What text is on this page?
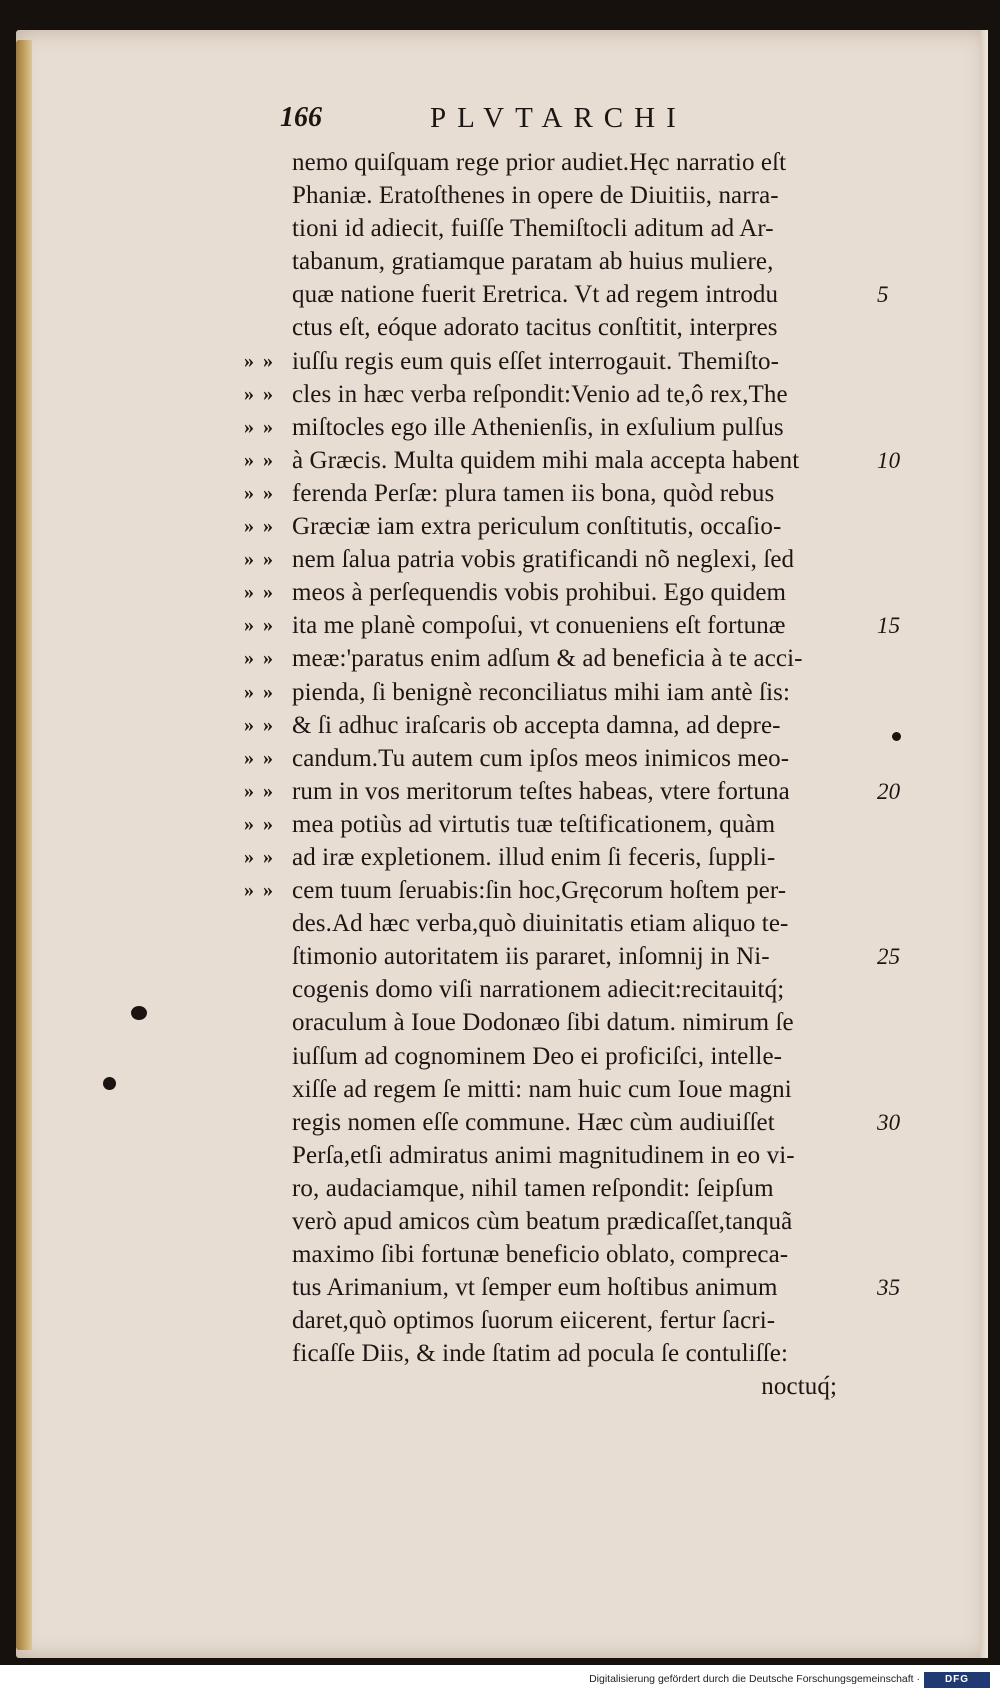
166	PLVTARCHI
nemo quiſquam rege prior audiet.Hęc narratio eſt
Phaniæ. Eratoſthenes in opere de Diuitiis, narra-
tioni id adiecit, fuiſſe Themiſtocli aditum ad Ar-
tabanum, gratiamque paratam ab huius muliere,
quæ natione fuerit Eretrica. Vt ad regem introdu	5
ctus eſt, eóque adorato tacitus conſtitit, interpres
» » iuſſu regis eum quis eſſet interrogauit. Themiſto-
» » cles in hæc verba reſpondit:Venio ad te,ô rex,The
» » miſtocles ego ille Athenienſis, in exſulium pulſus
» » à Græcis. Multa quidem mihi mala accepta habent	10
» » ferenda Perſæ: plura tamen iis bona, quòd rebus
» » Græciæ iam extra periculum conſtitutis, occaſio-
» » nem ſalua patria vobis gratificandi nõ neglexi, ſed
» » meos à perſequendis vobis prohibui. Ego quidem
» » ita me planè compoſui, vt conueniens eſt fortunæ	15
» » meæ:'paratus enim adſum & ad beneficia à te acci-
» » pienda, ſi benignè reconciliatus mihi iam antè ſis:
» » & ſi adhuc iraſcaris ob accepta damna, ad depre-
» » candum.Tu autem cum ipſos meos inimicos meo-
» » rum in vos meritorum teſtes habeas, vtere fortuna	20
» » mea potiùs ad virtutis tuæ teſtificationem, quàm
» » ad iræ expletionem. illud enim ſi feceris, ſuppli-
» » cem tuum ſeruabis:ſin hoc,Gręcorum hoſtem per-
des.Ad hæc verba,quò diuinitatis etiam aliquo te-
ſtimonio autoritatem iis pararet, inſomnij in Ni-	25
cogenis domo viſi narrationem adiecit:recitauitq́;
oraculum à Ioue Dodonæo ſibi datum. nimirum ſe
iuſſum ad cognominem Deo ei proficiſci, intelle-
xiſſe ad regem ſe mitti: nam huic cum Ioue magni
regis nomen eſſe commune. Hæc cùm audiuiſſet	30
Perſa,etſi admiratus animi magnitudinem in eo vi-
ro, audaciamque, nihil tamen reſpondit: ſeipſum
verò apud amicos cùm beatum prædicaſſet,tanquã
maximo ſibi fortunæ beneficio oblato, comprecа-
tus Arimanium, vt ſemper eum hoſtibus animum	35
daret,quò optimos ſuorum eiicerent, fertur ſacri-
ficaſſe Diis, & inde ſtatim ad pocula ſe contuliſſe:
noctuq́;
Digitalisierung gefördert durch die Deutsche Forschungsgemeinschaft ·	DFG
